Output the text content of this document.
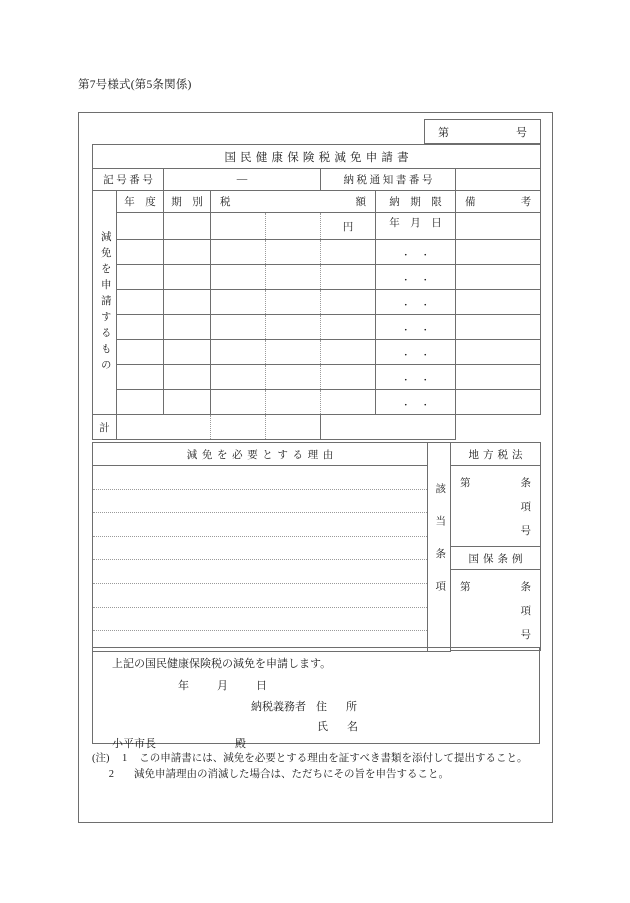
第7号様式(第5条関係)
第	号
国民健康保険税減免申請書							
記号番号		—			納税通知書番号		
減免を申請するもの	年　度	期　別	税 額			納　期　限	備 考

					円	年 月 日	

						・ ・	

						・ ・	

						・ ・	

						・ ・	

						・ ・	

						・ ・	

						・ ・	

計							
減免を必要とする理由	該当条項	地方税法

		第 条
項
号

		国保条例

		第 条
項
号

上記の国民健康保険税の減免を申請します。
年	月	日
納税義務者 住　所
氏　名
小平市長	殿
(注)	1	この申請書には、減免を必要とする理由を証すべき書類を添付して提出すること。
2	減免申請理由の消滅した場合は、ただちにその旨を申告すること。
